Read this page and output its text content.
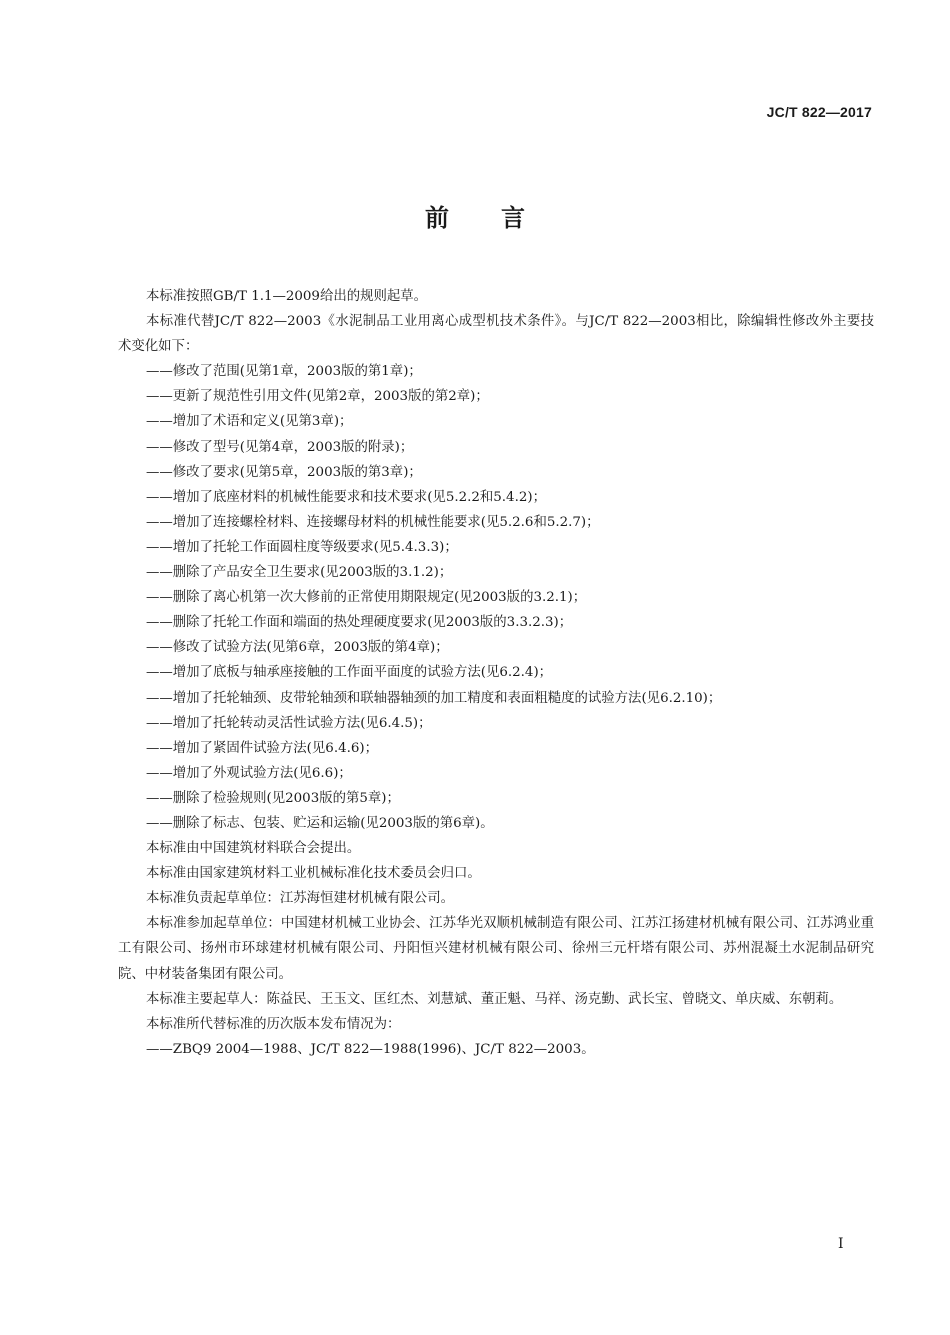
JC/T 822—2017
前言

本标准按照GB/T 1.1—2009给出的规则起草。

本标准代替JC/T 822—2003《水泥制品工业用离心成型机技术条件》。与JC/T 822—2003相比，除编辑性修改外主要技术变化如下：

——修改了范围(见第1章，2003版的第1章)；
——更新了规范性引用文件(见第2章，2003版的第2章)；
——增加了术语和定义(见第3章)；
——修改了型号(见第4章，2003版的附录)；
——修改了要求(见第5章，2003版的第3章)；
——增加了底座材料的机械性能要求和技术要求(见5.2.2和5.4.2)；
——增加了连接螺栓材料、连接螺母材料的机械性能要求(见5.2.6和5.2.7)；
——增加了托轮工作面圆柱度等级要求(见5.4.3.3)；
——删除了产品安全卫生要求(见2003版的3.1.2)；
——删除了离心机第一次大修前的正常使用期限规定(见2003版的3.2.1)；
——删除了托轮工作面和端面的热处理硬度要求(见2003版的3.3.2.3)；
——修改了试验方法(见第6章，2003版的第4章)；
——增加了底板与轴承座接触的工作面平面度的试验方法(见6.2.4)；
——增加了托轮轴颈、皮带轮轴颈和联轴器轴颈的加工精度和表面粗糙度的试验方法(见6.2.10)；
——增加了托轮转动灵活性试验方法(见6.4.5)；
——增加了紧固件试验方法(见6.4.6)；
——增加了外观试验方法(见6.6)；
——删除了检验规则(见2003版的第5章)；
——删除了标志、包装、贮运和运输(见2003版的第6章)。

本标准由中国建筑材料联合会提出。

本标准由国家建筑材料工业机械标准化技术委员会归口。

本标准负责起草单位：江苏海恒建材机械有限公司。

本标准参加起草单位：中国建材机械工业协会、江苏华光双顺机械制造有限公司、江苏江扬建材机械有限公司、江苏鸿业重工有限公司、扬州市环球建材机械有限公司、丹阳恒兴建材机械有限公司、徐州三元杆塔有限公司、苏州混凝土水泥制品研究院、中材装备集团有限公司。

本标准主要起草人：陈益民、王玉文、匡红杰、刘慧斌、董正魁、马祥、汤克勤、武长宝、曾晓文、单庆威、东朝莉。

本标准所代替标准的历次版本发布情况为：

——ZBQ9 2004—1988、JC/T 822—1988(1996)、JC/T 822—2003。
I
